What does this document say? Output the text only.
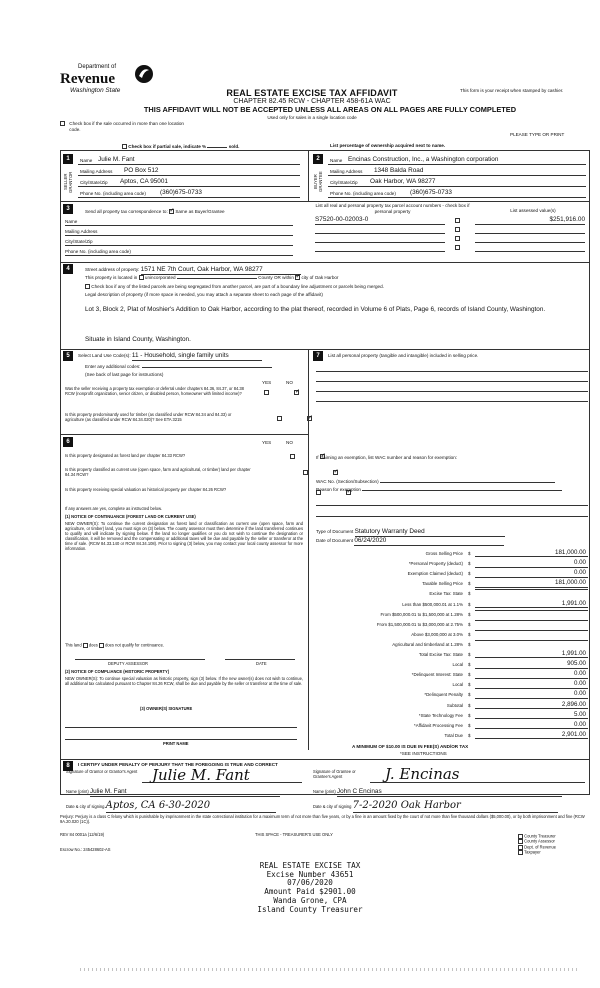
Department of
Revenue
Washington State	REAL ESTATE EXCISE TAX AFFIDAVIT
CHAPTER 82.45 RCW - CHAPTER 458-61A WAC
THIS AFFIDAVIT WILL NOT BE ACCEPTED UNLESS ALL AREAS ON ALL PAGES ARE FULLY COMPLETED
Used only for sales in a single location code
This form is your receipt when stamped by cashier.
Check box if the sale occurred in more than one location code.
PLEASE TYPE OR PRINT
Check box if partial sale, indicate %	sold.	List percentage of ownership acquired next to name.
1
SELLER GRANTOR
Name Julie M. Fant
Mailing Address PO Box 512
City/State/Zip Aptos, CA 95001
Phone No. (including area code) (360)675-0733
2
BUYER GRANTEE
Name Encinas Construction, Inc., a Washington corporation
Mailing Address 1348 Balda Road
City/State/Zip Oak Harbor, WA 98277
Phone No. (including area code) (360)675-0733
3	Send all property tax correspondence to: ✓ Same as Buyer/Grantee
Name
Mailing Address
City/State/Zip
Phone No. (including area code)
List all real and personal property tax parcel account numbers - check box if personal property	List assessed value(s)
S7520-00-02003-0	$251,916.00
4	Street address of property: 1571 NE 7th Court, Oak Harbor, WA 98277
This property is located in unincorporated	County OR within ✓ city of Oak Harbor
Check box if any of the listed parcels are being segregated from another parcel, are part of a boundary line adjustment or parcels being merged.
Legal description of property (if more space is needed, you may attach a separate sheet to each page of the affidavit)
Lot 3, Block 2, Plat of Moshier's Addition to Oak Harbor, according to the plat thereof, recorded in Volume 6 of Plats, Page 6, records of Island County, Washington.
Situate in Island County, Washington.
5	Select Land Use Code(s): 11 - Household, single family units
Enter any additional codes:
(See back of last page for instructions)
YES	NO
Was the seller receiving a property tax exemption or deferral under chapters 84.36, 84.37, or 84.38 RCW (nonprofit organization, senior citizen, or disabled person, homeowner with limited income)?
✓
Is this property predominantly used for timber (as classified under RCW 84.34 and 84.33) or agriculture (as classified under RCW 84.34.020)? See ETA 3215
✓
6	YES	NO
Is this property designated as forest land per chapter 84.33 RCW?
✓
Is this property classified as current use (open space, farm and agricultural, or timber) land per chapter 84.34 RCW?
✓
Is this property receiving special valuation as historical property per chapter 84.26 RCW?
✓
If any answers are yes, complete as instructed below.
(1) NOTICE OF CONTINUANCE (FOREST LAND OR CURRENT USE)
NEW OWNER(S): To continue the current designation as forest land or classification as current use (open space, farm and agriculture, or timber) land, you must sign on (3) below. The county assessor must then determine if the land transferred continues to qualify and will indicate by signing below. If the land no longer qualifies or you do not wish to continue the designation or classification, it will be removed and the compensating or additional taxes will be due and payable by the seller or transferor at the time of sale. (RCW 84.33.140 or RCW 84.34.108). Prior to signing (3) below, you may contact your local county assessor for more information.
This land does does not qualify for continuance.
DEPUTY ASSESSOR	DATE
(2) NOTICE OF COMPLIANCE (HISTORIC PROPERTY)
NEW OWNER(S): To continue special valuation as historic property, sign (3) below. If the new owner(s) does not wish to continue, all additional tax calculated pursuant to Chapter 84.26 RCW, shall be due and payable by the seller or transferor at the time of sale.
(3) OWNER(S) SIGNATURE
PRINT NAME
7	List all personal property (tangible and intangible) included in selling price.
If claiming an exemption, list WAC number and reason for exemption:
WAC No. (Section/Subsection)
Reason for exemption
Type of Document Statutory Warranty Deed
Date of Document 06/24/2020
Gross Selling Price $	181,000.00
*Personal Property (deduct) $	0.00
Exemption Claimed (deduct) $	0.00
Taxable Selling Price $	181,000.00
Excise Tax: State $
Less than $500,000.01 at 1.1% $	1,991.00
From $500,000.01 to $1,500,000 at 1.28% $
From $1,500,000.01 to $3,000,000 at 2.75% $
Above $3,000,000 at 3.0% $
Agricultural and timberland at 1.28% $
Total Excise Tax: State $	1,991.00
Local $	905.00
*Delinquent Interest: State $	0.00
Local $	0.00
*Delinquent Penalty $	0.00
Subtotal $	2,896.00
*State Technology Fee $	5.00
*Affidavit Processing Fee $	0.00
Total Due $	2,901.00
A MINIMUM OF $10.00 IS DUE IN FEE(S) AND/OR TAX
*SEE INSTRUCTIONS
8	I CERTIFY UNDER PENALTY OF PERJURY THAT THE FOREGOING IS TRUE AND CORRECT
Signature of Grantor or Grantor's Agent Julie M. Fant	Signature of Grantee or Grantee's Agent	J. Encinas
Name (print) Julie M. Fant	Name (print) John C Encinas
Date & city of signing Aptos, CA 6-30-2020	Date & city of signing 7-2-2020 Oak Harbor
Perjury: Perjury is a class C felony which is punishable by imprisonment in the state correctional institution for a maximum term of not more than five years, or by a fine in an amount fixed by the court of not more than five thousand dollars ($5,000.00), or by both imprisonment and fine (RCW 9A.20.020 (1C)).
REV 84 0001a (12/6/19)	THIS SPACE - TREASURER'S USE ONLY
Escrow No.: 245428602-AS
County Treasurer
County Assessor
Dept. of Revenue
Taxpayer
REAL ESTATE EXCISE TAX
Excise Number 43651
07/06/2020
Amount Paid $2901.00
Wanda Grone, CPA
Island County Treasurer
